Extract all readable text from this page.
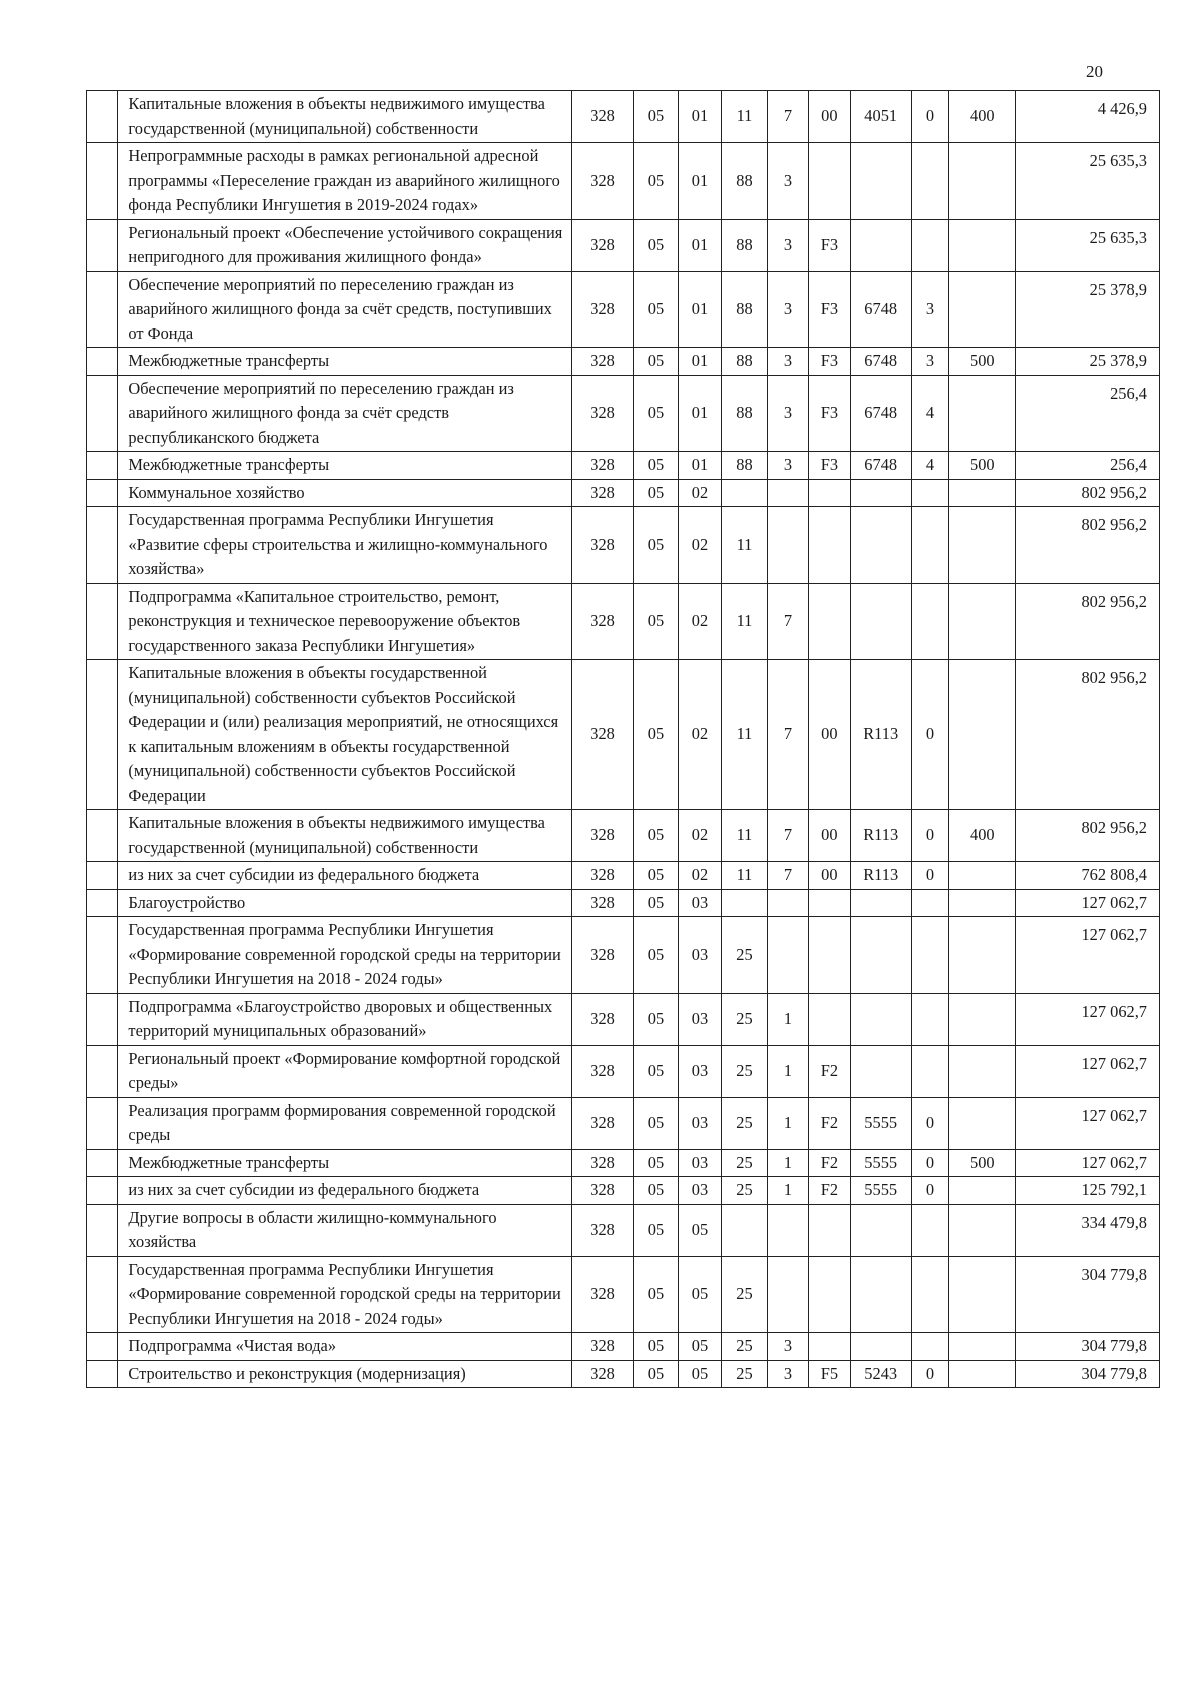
20
	Капитальные вложения в объекты недвижимого имущества государственной (муниципальной) собственности	328	05	01	11	7	00	4051	0	400	4 426,9
	Непрограммные расходы в рамках региональной адресной программы «Переселение граждан из аварийного жилищного фонда Республики Ингушетия в 2019-2024 годах»	328	05	01	88	3					25 635,3
	Региональный проект «Обеспечение устойчивого сокращения непригодного для проживания жилищного фонда»	328	05	01	88	3	F3				25 635,3
	Обеспечение мероприятий по переселению граждан из аварийного жилищного фонда за счёт средств, поступивших от Фонда	328	05	01	88	3	F3	6748	3		25 378,9
	Межбюджетные трансферты	328	05	01	88	3	F3	6748	3	500	25 378,9
	Обеспечение мероприятий по переселению граждан из аварийного жилищного фонда за счёт средств республиканского бюджета	328	05	01	88	3	F3	6748	4		256,4
	Межбюджетные трансферты	328	05	01	88	3	F3	6748	4	500	256,4
	Коммунальное хозяйство	328	05	02							802 956,2
	Государственная программа Республики Ингушетия «Развитие сферы строительства и жилищно-коммунального хозяйства»	328	05	02	11						802 956,2
	Подпрограмма «Капитальное строительство, ремонт, реконструкция и техническое перевооружение объектов государственного заказа Республики Ингушетия»	328	05	02	11	7					802 956,2
	Капитальные вложения в объекты государственной (муниципальной) собственности субъектов Российской Федерации и (или) реализация мероприятий, не относящихся к капитальным вложениям в объекты государственной (муниципальной) собственности субъектов Российской Федерации	328	05	02	11	7	00	R113	0		802 956,2
	Капитальные вложения в объекты недвижимого имущества государственной (муниципальной) собственности	328	05	02	11	7	00	R113	0	400	802 956,2
	из них за счет субсидии из федерального бюджета	328	05	02	11	7	00	R113	0		762 808,4
	Благоустройство	328	05	03							127 062,7
	Государственная программа Республики Ингушетия «Формирование современной городской среды на территории Республики Ингушетия на 2018 - 2024 годы»	328	05	03	25						127 062,7
	Подпрограмма «Благоустройство дворовых и общественных территорий муниципальных образований»	328	05	03	25	1					127 062,7
	Региональный проект «Формирование комфортной городской среды»	328	05	03	25	1	F2				127 062,7
	Реализация программ формирования современной городской среды	328	05	03	25	1	F2	5555	0		127 062,7
	Межбюджетные трансферты	328	05	03	25	1	F2	5555	0	500	127 062,7
	из них за счет субсидии из федерального бюджета	328	05	03	25	1	F2	5555	0		125 792,1
	Другие вопросы в области жилищно-коммунального хозяйства	328	05	05							334 479,8
	Государственная программа Республики Ингушетия «Формирование современной городской среды на территории Республики Ингушетия на 2018 - 2024 годы»	328	05	05	25						304 779,8
	Подпрограмма «Чистая вода»	328	05	05	25	3					304 779,8
	Строительство и реконструкция (модернизация)	328	05	05	25	3	F5	5243	0		304 779,8
